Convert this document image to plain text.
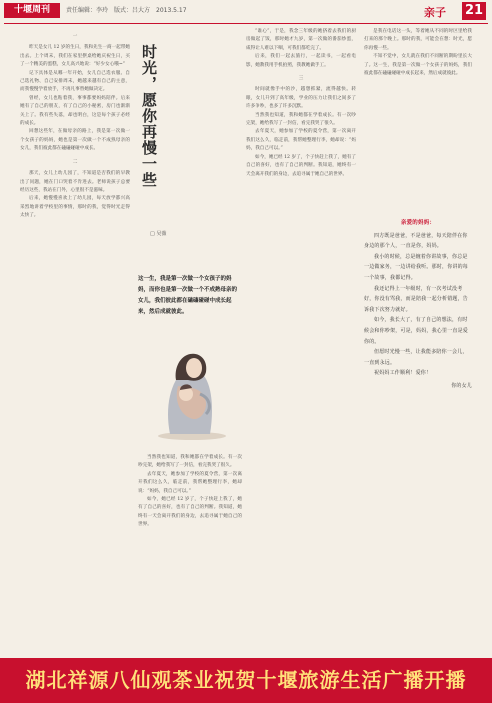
十堰周刊	责任编辑：李玲　版式：吕大方　2013.5.17	亲子 21

一

昨天是女儿 12 岁的生日，我和先生一商一起带她出去。上个周末，我们在家里摆桌给她庆祝生日，买了一个精美的蛋糕，女儿高兴地说：“好少女心哦~”

记下具体是从哪一年开始，女儿自己选衣服、自己选礼物、自己安排周末，她越来越有自己的主意，而我慢慢学着放手，不再凡事替她做决定。

曾经，女儿也粘着我，事事都要妈妈陪伴。后来她有了自己的朋友，有了自己的小秘密，房门也渐渐关上了。我有些失落，却也明白，这是每个孩子必经的成长。

回想这些年，在做母亲的路上，我是第一次做一个女孩子的妈妈，她也是第一次做一个不成熟母亲的女儿，我们彼此都在磕磕碰碰中成长。

二

那天，女儿上幼儿园了，不知道是否我们的早教出了问题，她在门口哭着不肯进去。老师说孩子总要经历这些，我站在门外，心里很不是滋味。

后来，她慢慢喜欢上了幼儿园，每天放学都兴高采烈地讲着学校里的事情，那时的我，觉得时光走得太快了。

时光，愿你再慢一些
□ 吴薇
这一生，我是第一次做一个女孩子的妈妈，而你也是第一次做一个不成熟母亲的女儿，我们彼此都在磕磕碰碰中成长起来，然后成就彼此。

当然我也知道，我和她都在学着成长。有一次吵完架，她给我写了一封信，看完我哭了很久。

去年夏天，她参加了学校的夏令营，第一次离开我们这么久，临走前，我帮她整理行李，她却说：“妈妈，我自己可以。”

如今，她已经 12 岁了，个子快赶上我了，她有了自己的喜好，也有了自己的判断。我知道，她终有一天会离开我们的身边，去追寻属于她自己的世界。

“谁心”，于是，我念三年级的她挤着去我们的厨房做起了饭，那时她才九岁，第一次做的番茄炒蛋，咸得让人难以下咽，可我们都吃完了。

后来，我们一起去旅行，一起读书，一起看电影，她教我用手机拍照，我教她做手工。

三

时间就像手中的沙，越想抓紧，流得越快。转眼，女儿升到了高年级，学业的压力让我们之间多了许多争吵，也多了许多沉默。

当然我也知道，我和她都在学着成长。有一次吵完架，她给我写了一封信，看完我哭了很久。

去年夏天，她参加了学校的夏令营，第一次离开我们这么久，临走前，我帮她整理行李，她却说：“妈妈，我自己可以。”

如今，她已经 12 岁了，个子快赶上我了，她有了自己的喜好，也有了自己的判断。我知道，她终有一天会离开我们的身边，去追寻属于她自己的世界。

是我在电话这一头，等着她从不同的时区里给我打来的那个晚上。那时的我，可能会在想：时光，愿你再慢一些。

不知不觉中，女儿就在我们不同断的期盼里长大了。这一生，我是第一次做一个女孩子的妈妈，我们彼此都在磕磕碰碰中成长起来，然后成就彼此。

亲爱的妈妈：

四方既是爸爸，不是爸爸，每天陪伴在你身边的那个人，一直是你，妈妈。

我小的时候，总是缠着你讲故事，你总是一边做家务，一边讲给我听。那时，你讲的每一个故事，我都记得。

我还记得上一年级时，有一次考试没考好，你没有骂我，而是陪我一起分析错题，告诉我下次努力就好。

如今，我长大了，有了自己的想法，有时候会和你吵架，可是，妈妈，我心里一直是爱你的。

但愿时光慢一些，让我能多陪你一会儿，一直到永远。

祝妈妈工作顺利！爱你！

你的女儿
湖北祥源八仙观茶业祝贺十堰旅游生活广播开播
